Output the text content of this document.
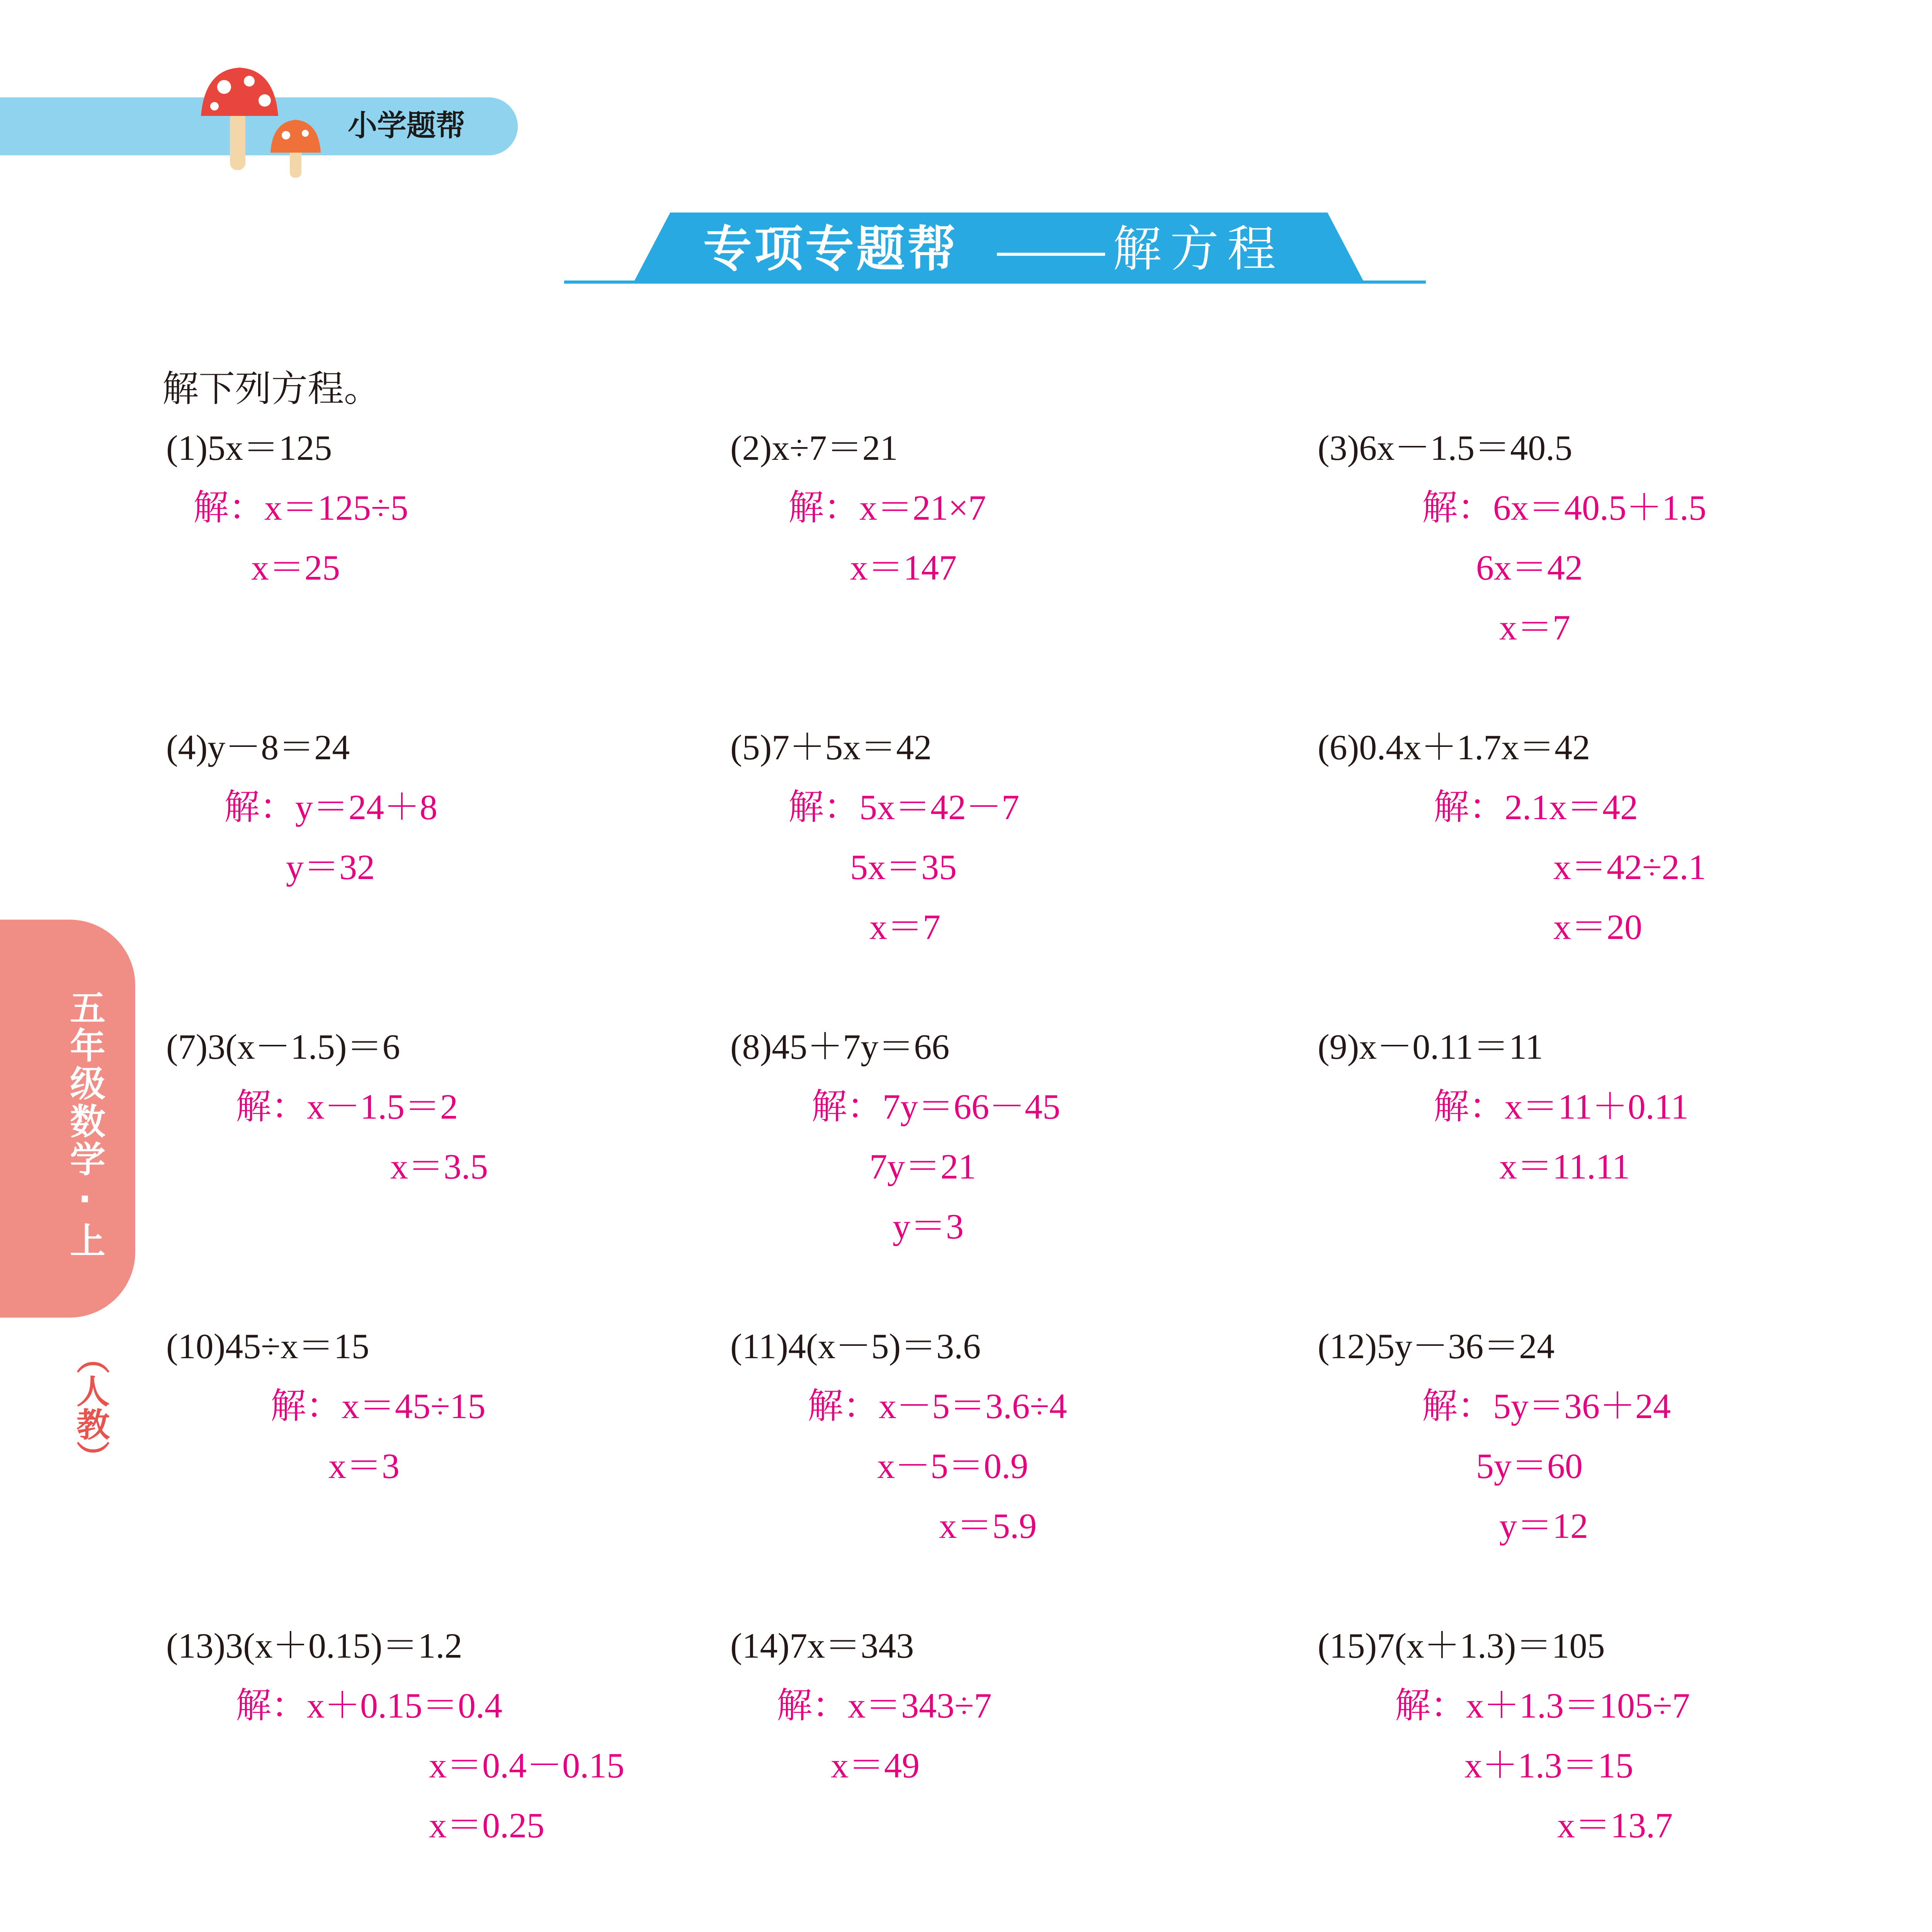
小学题帮
专项专题帮	解方程
五年级数学·上
（人教）
解下列方程。
(1)5x＝125
解：x＝125÷5
x＝25
(2)x÷7＝21
解：x＝21×7
x＝147
(3)6x－1.5＝40.5
解：6x＝40.5＋1.5
6x＝42
x＝7
(4)y－8＝24
解：y＝24＋8
y＝32
(5)7＋5x＝42
解：5x＝42－7
5x＝35
x＝7
(6)0.4x＋1.7x＝42
解：2.1x＝42
x＝42÷2.1
x＝20
(7)3(x－1.5)＝6
解：x－1.5＝2
x＝3.5
(8)45＋7y＝66
解：7y＝66－45
7y＝21
y＝3
(9)x－0.11＝11
解：x＝11＋0.11
x＝11.11
(10)45÷x＝15
解：x＝45÷15
x＝3
(11)4(x－5)＝3.6
解：x－5＝3.6÷4
x－5＝0.9
x＝5.9
(12)5y－36＝24
解：5y＝36＋24
5y＝60
y＝12
(13)3(x＋0.15)＝1.2
解：x＋0.15＝0.4
x＝0.4－0.15
x＝0.25
(14)7x＝343
解：x＝343÷7
x＝49
(15)7(x＋1.3)＝105
解：x＋1.3＝105÷7
x＋1.3＝15
x＝13.7
